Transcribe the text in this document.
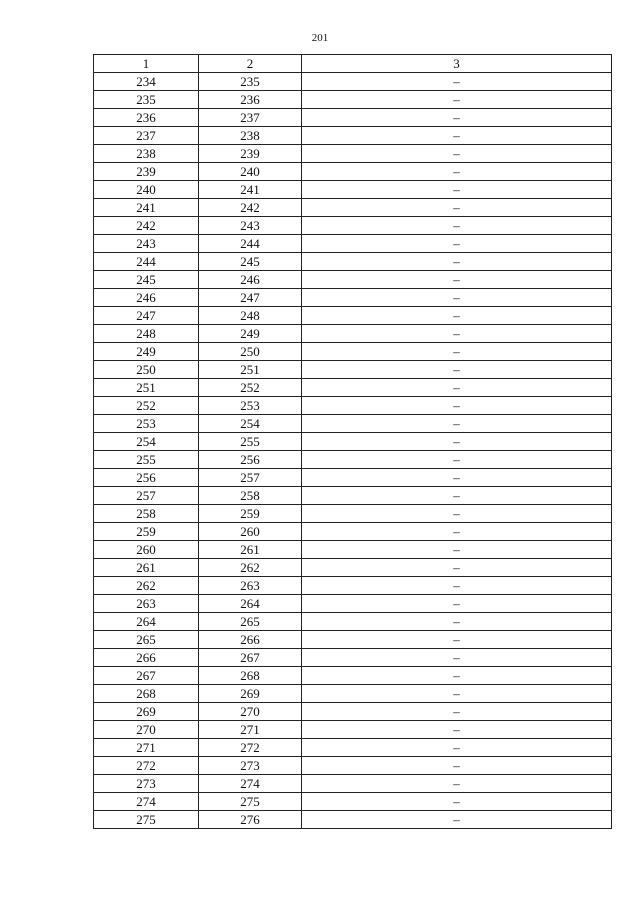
201
1	2	3
234	235	–
235	236	–
236	237	–
237	238	–
238	239	–
239	240	–
240	241	–
241	242	–
242	243	–
243	244	–
244	245	–
245	246	–
246	247	–
247	248	–
248	249	–
249	250	–
250	251	–
251	252	–
252	253	–
253	254	–
254	255	–
255	256	–
256	257	–
257	258	–
258	259	–
259	260	–
260	261	–
261	262	–
262	263	–
263	264	–
264	265	–
265	266	–
266	267	–
267	268	–
268	269	–
269	270	–
270	271	–
271	272	–
272	273	–
273	274	–
274	275	–
275	276	–
